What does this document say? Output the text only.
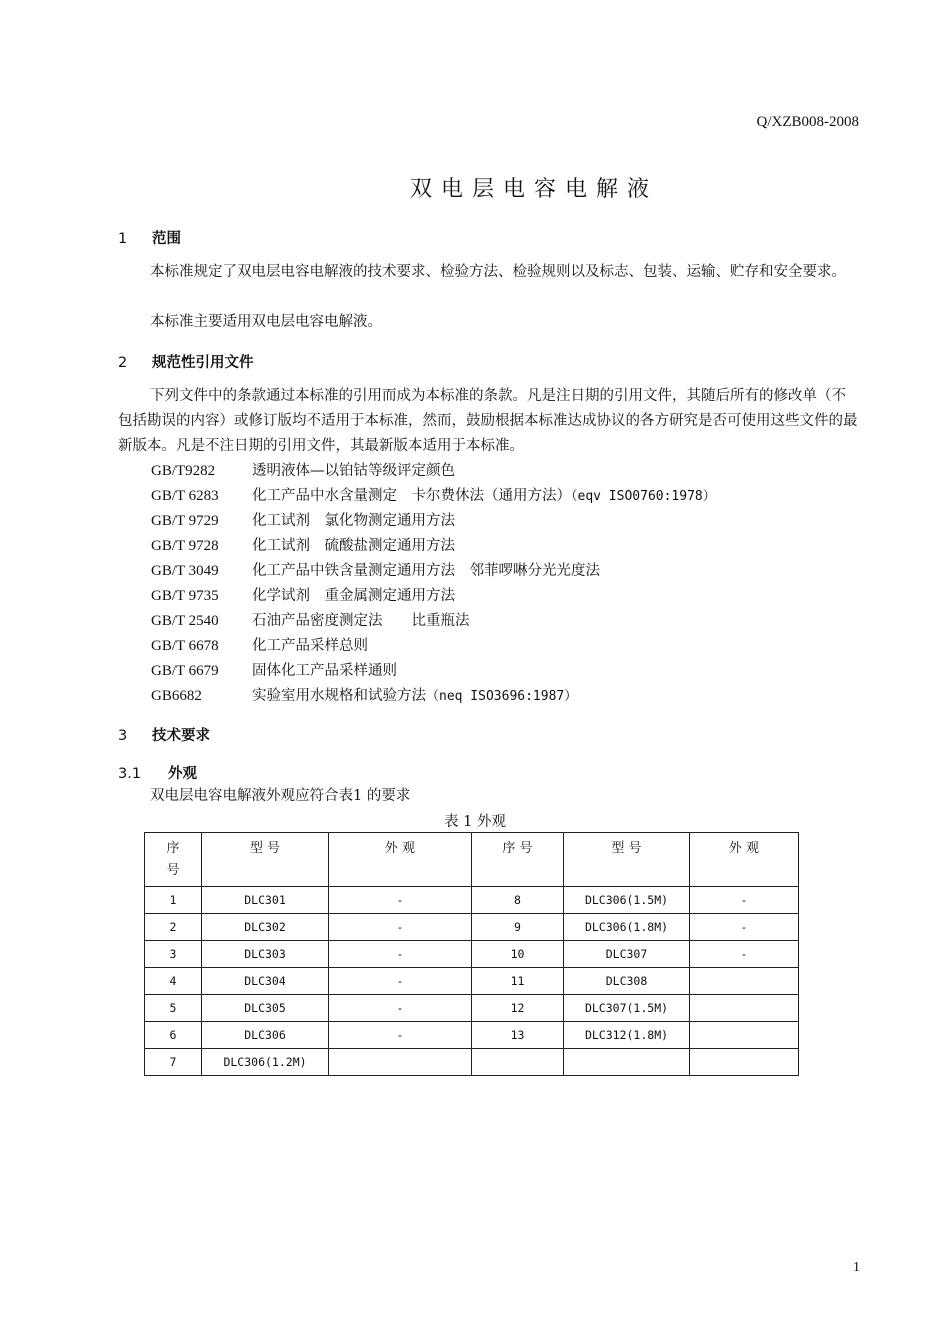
Q/XZB008-2008
双电层电容电解液
1 范围
本标准规定了双电层电容电解液的技术要求、检验方法、检验规则以及标志、包装、运输、贮存和安全要求。
本标准主要适用双电层电容电解液。
2 规范性引用文件
下列文件中的条款通过本标准的引用而成为本标准的条款。凡是注日期的引用文件，其随后所有的修改单（不包括勘误的内容）或修订版均不适用于本标准，然而，鼓励根据本标准达成协议的各方研究是否可使用这些文件的最新版本。凡是不注日期的引用文件，其最新版本适用于本标准。
GB/T9282	透明液体—以铂钴等级评定颜色
GB/T 6283 化工产品中水含量测定　卡尔费休法（通用方法）（eqv ISO0760:1978）
GB/T 9729 化工试剂　氯化物测定通用方法
GB/T 9728 化工试剂　硫酸盐测定通用方法
GB/T 3049 化工产品中铁含量测定通用方法　邻菲啰啉分光光度法
GB/T 9735 化学试剂　重金属测定通用方法
GB/T 2540 石油产品密度测定法　　比重瓶法
GB/T 6678 化工产品采样总则
GB/T 6679 固体化工产品采样通则
GB6682	实验室用水规格和试验方法（neq ISO3696:1987）
3 技术要求
3.1 外观
双电层电容电解液外观应符合表1 的要求
表 1 外观
序
号	型 号	外 观	序 号	型 号	外 观
1	DLC301	-	8	DLC306(1.5M)	-
2	DLC302	-	9	DLC306(1.8M)	-
3	DLC303	-	10	DLC307	-
4	DLC304	-	11	DLC308	
5	DLC305	-	12	DLC307(1.5M)	
6	DLC306	-	13	DLC312(1.8M)	
7	DLC306(1.2M)				
1
